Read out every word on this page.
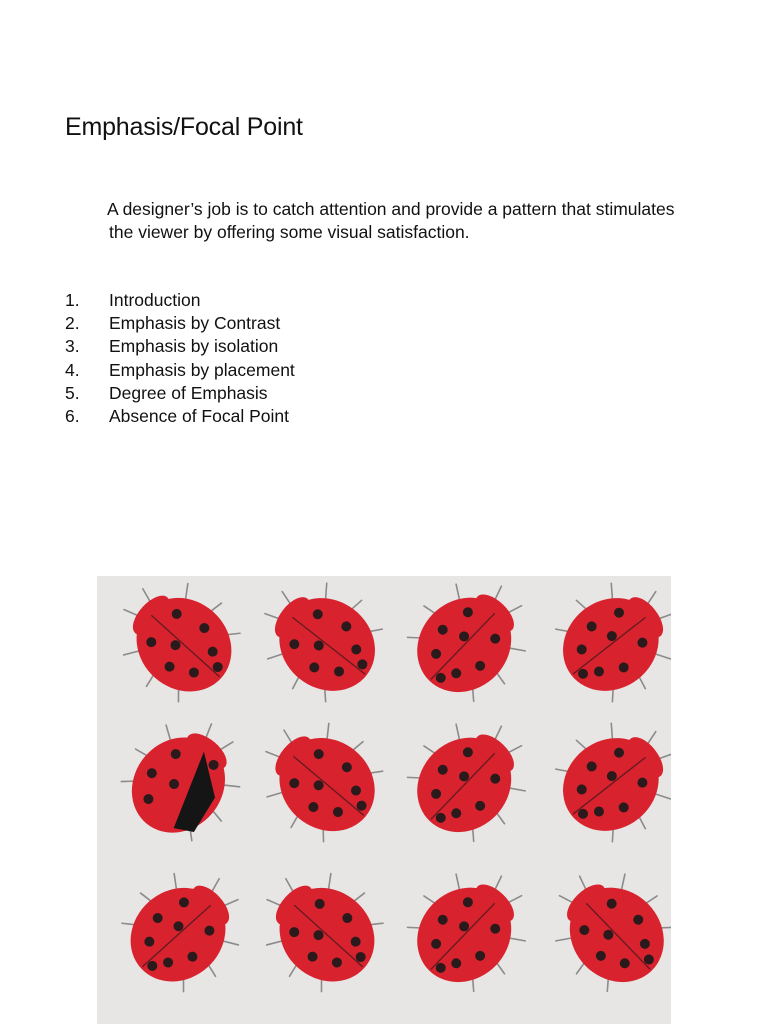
Emphasis/Focal Point

A designer’s job is to catch attention and provide a pattern that stimulates
the viewer by offering some visual satisfaction.

1.	Introduction
2.	Emphasis by Contrast
3.	Emphasis by isolation
4.	Emphasis by placement
5.	Degree of Emphasis
6.	Absence of Focal Point
